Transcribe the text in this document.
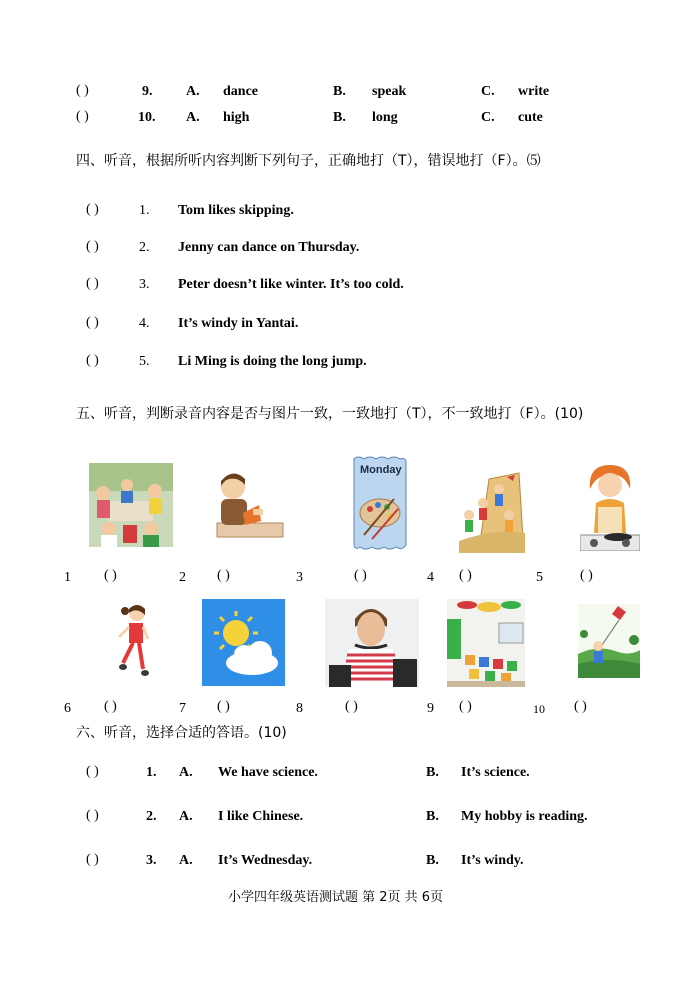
( )	9. A. dance	B. speak	C. write
( )	10. A. high	B. long	C. cute
四、听音，根据所听内容判断下列句子，正确地打（T），错误地打（F）。⑸
( )	1. Tom likes skipping.
( )	2. Jenny can dance on Thursday.
( )	3. Peter doesn’t like winter. It’s too cold.
( )	4. It’s windy in Yantai.
( )	5. Li Ming is doing the long jump.
五、听音，判断录音内容是否与图片一致，一致地打（T），不一致地打（F）。(10)
Monday
1 ( )	2 ( )	3	( )	4 ( )	5	( )
6 ( )	7 ( )	8	( )	9 ( )	10 ( )
六、听音，选择合适的答语。(10)
( )	1. A. We have science.	B. It’s science.
( )	2. A. I like Chinese.	B. My hobby is reading.
( )	3. A. It’s Wednesday.	B. It’s windy.
小学四年级英语测试题 第 2页 共 6页
